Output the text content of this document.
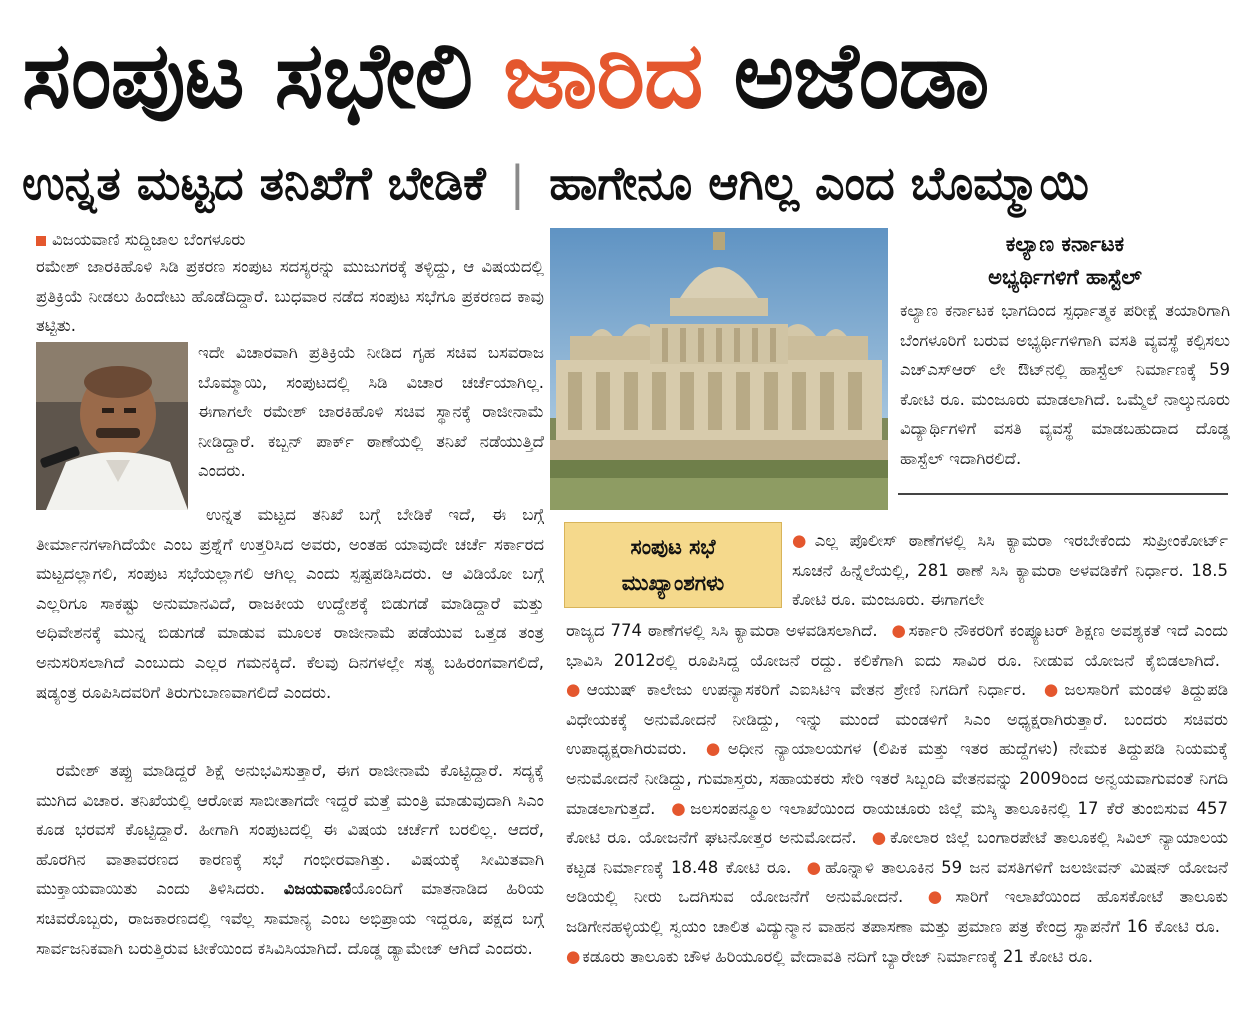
ಸಂಪುಟ ಸಭೇಲಿ ಜಾರಿದ ಅಜೆಂಡಾ
ಉನ್ನತ ಮಟ್ಟದ ತನಿಖೆಗೆ ಬೇಡಿಕೆ | ಹಾಗೇನೂ ಆಗಿಲ್ಲ ಎಂದ ಬೊಮ್ಮಾಯಿ
ವಿಜಯವಾಣಿ ಸುದ್ದಿಜಾಲ ಬೆಂಗಳೂರು
ರಮೇಶ್ ಜಾರಕಿಹೊಳಿ ಸಿಡಿ ಪ್ರಕರಣ ಸಂಪುಟ ಸದಸ್ಯರನ್ನು ಮುಜುಗರಕ್ಕೆ ತಳ್ಳಿದ್ದು, ಆ ವಿಷಯದಲ್ಲಿ ಪ್ರತಿಕ್ರಿಯೆ ನೀಡಲು ಹಿಂದೇಟು ಹೊಡೆದಿದ್ದಾರೆ. ಬುಧವಾರ ನಡೆದ ಸಂಪುಟ ಸಭೆಗೂ ಪ್ರಕರಣದ ಕಾವು ತಟ್ಟಿತು.
ಇದೇ ವಿಚಾರವಾಗಿ ಪ್ರತಿಕ್ರಿಯೆ ನೀಡಿದ ಗೃಹ ಸಚಿವ ಬಸವರಾಜ ಬೊಮ್ಮಾಯಿ, ಸಂಪುಟದಲ್ಲಿ ಸಿಡಿ ವಿಚಾರ ಚರ್ಚೆಯಾಗಿಲ್ಲ. ಈಗಾಗಲೇ ರಮೇಶ್ ಜಾರಕಿಹೊಳಿ ಸಚಿವ ಸ್ಥಾನಕ್ಕೆ ರಾಜೀನಾಮೆ ನೀಡಿದ್ದಾರೆ. ಕಬ್ಬನ್ ಪಾರ್ಕ್ ಠಾಣೆಯಲ್ಲಿ ತನಿಖೆ ನಡೆಯುತ್ತಿದೆ ಎಂದರು.
ಉನ್ನತ ಮಟ್ಟದ ತನಿಖೆ ಬಗ್ಗೆ ಬೇಡಿಕೆ ಇದೆ, ಈ ಬಗ್ಗೆ ತೀರ್ಮಾನಗಳಾಗಿದೆಯೇ ಎಂಬ ಪ್ರಶ್ನೆಗೆ ಉತ್ತರಿಸಿದ ಅವರು, ಅಂತಹ ಯಾವುದೇ ಚರ್ಚೆ ಸರ್ಕಾರದ ಮಟ್ಟದಲ್ಲಾಗಲಿ, ಸಂಪುಟ ಸಭೆಯಲ್ಲಾಗಲಿ ಆಗಿಲ್ಲ ಎಂದು ಸ್ಪಷ್ಟಪಡಿಸಿದರು. ಆ ವಿಡಿಯೋ ಬಗ್ಗೆ ಎಲ್ಲರಿಗೂ ಸಾಕಷ್ಟು ಅನುಮಾನವಿದೆ, ರಾಜಕೀಯ ಉದ್ದೇಶಕ್ಕೆ ಬಿಡುಗಡೆ ಮಾಡಿದ್ದಾರೆ ಮತ್ತು ಅಧಿವೇಶನಕ್ಕೆ ಮುನ್ನ ಬಿಡುಗಡೆ ಮಾಡುವ ಮೂಲಕ ರಾಜೀನಾಮೆ ಪಡೆಯುವ ಒತ್ತಡ ತಂತ್ರ ಅನುಸರಿಸಲಾಗಿದೆ ಎಂಬುದು ಎಲ್ಲರ ಗಮನಕ್ಕಿದೆ. ಕೆಲವು ದಿನಗಳಲ್ಲೇ ಸತ್ಯ ಬಹಿರಂಗವಾಗಲಿದೆ, ಷಡ್ಯಂತ್ರ ರೂಪಿಸಿದವರಿಗೆ ತಿರುಗುಬಾಣವಾಗಲಿದೆ ಎಂದರು.
ರಮೇಶ್ ತಪ್ಪು ಮಾಡಿದ್ದರೆ ಶಿಕ್ಷೆ ಅನುಭವಿಸುತ್ತಾರೆ, ಈಗ ರಾಜೀನಾಮೆ ಕೊಟ್ಟಿದ್ದಾರೆ. ಸದ್ಯಕ್ಕೆ ಮುಗಿದ ವಿಚಾರ. ತನಿಖೆಯಲ್ಲಿ ಆರೋಪ ಸಾಬೀತಾಗದೇ ಇದ್ದರೆ ಮತ್ತೆ ಮಂತ್ರಿ ಮಾಡುವುದಾಗಿ ಸಿಎಂ ಕೂಡ ಭರವಸೆ ಕೊಟ್ಟಿದ್ದಾರೆ. ಹೀಗಾಗಿ ಸಂಪುಟದಲ್ಲಿ ಈ ವಿಷಯ ಚರ್ಚೆಗೆ ಬರಲಿಲ್ಲ. ಆದರೆ, ಹೊರಗಿನ ವಾತಾವರಣದ ಕಾರಣಕ್ಕೆ ಸಭೆ ಗಂಭೀರವಾಗಿತ್ತು. ವಿಷಯಕ್ಕೆ ಸೀಮಿತವಾಗಿ ಮುಕ್ತಾಯವಾಯಿತು ಎಂದು ತಿಳಿಸಿದರು. ವಿಜಯವಾಣಿಯೊಂದಿಗೆ ಮಾತನಾಡಿದ ಹಿರಿಯ ಸಚಿವರೊಬ್ಬರು, ರಾಜಕಾರಣದಲ್ಲಿ ಇವೆಲ್ಲ ಸಾಮಾನ್ಯ ಎಂಬ ಅಭಿಪ್ರಾಯ ಇದ್ದರೂ, ಪಕ್ಷದ ಬಗ್ಗೆ ಸಾರ್ವಜನಿಕವಾಗಿ ಬರುತ್ತಿರುವ ಟೀಕೆಯಿಂದ ಕಸಿವಿಸಿಯಾಗಿದೆ. ದೊಡ್ಡ ಡ್ಯಾಮೇಜ್ ಆಗಿದೆ ಎಂದರು.
ಕಲ್ಯಾಣ ಕರ್ನಾಟಕ
ಅಭ್ಯರ್ಥಿಗಳಿಗೆ ಹಾಸ್ಟೆಲ್
ಕಲ್ಯಾಣ ಕರ್ನಾಟಕ ಭಾಗದಿಂದ ಸ್ಪರ್ಧಾತ್ಮಕ ಪರೀಕ್ಷೆ ತಯಾರಿಗಾಗಿ ಬೆಂಗಳೂರಿಗೆ ಬರುವ ಅಭ್ಯರ್ಥಿಗಳಿಗಾಗಿ ವಸತಿ ವ್ಯವಸ್ಥೆ ಕಲ್ಪಿಸಲು ಎಚ್ಎಸ್ಆರ್ ಲೇ ಔಟ್‌ನಲ್ಲಿ ಹಾಸ್ಟೆಲ್ ನಿರ್ಮಾಣಕ್ಕೆ 59 ಕೋಟಿ ರೂ. ಮಂಜೂರು ಮಾಡಲಾಗಿದೆ. ಒಮ್ಮೆಲೆ ನಾಲ್ಕುನೂರು ವಿದ್ಯಾರ್ಥಿಗಳಿಗೆ ವಸತಿ ವ್ಯವಸ್ಥೆ ಮಾಡಬಹುದಾದ ದೊಡ್ಡ ಹಾಸ್ಟೆಲ್ ಇದಾಗಿರಲಿದೆ.
ಸಂಪುಟ ಸಭೆ
ಮುಖ್ಯಾಂಶಗಳು
● ಎಲ್ಲ ಪೊಲೀಸ್ ಠಾಣೆಗಳಲ್ಲಿ ಸಿಸಿ ಕ್ಯಾಮರಾ ಇರಬೇಕೆಂದು ಸುಪ್ರೀಂಕೋರ್ಟ್ ಸೂಚನೆ ಹಿನ್ನೆಲೆಯಲ್ಲಿ, 281 ಠಾಣೆ ಸಿಸಿ ಕ್ಯಾಮರಾ ಅಳವಡಿಕೆಗೆ ನಿರ್ಧಾರ. 18.5 ಕೋಟಿ ರೂ. ಮಂಜೂರು. ಈಗಾಗಲೇ
ರಾಜ್ಯದ 774 ಠಾಣೆಗಳಲ್ಲಿ ಸಿಸಿ ಕ್ಯಾಮರಾ ಅಳವಡಿಸಲಾಗಿದೆ. ● ಸರ್ಕಾರಿ ನೌಕರರಿಗೆ ಕಂಪ್ಯೂಟರ್ ಶಿಕ್ಷಣ ಅವಶ್ಯಕತೆ ಇದೆ ಎಂದು ಭಾವಿಸಿ 2012ರಲ್ಲಿ ರೂಪಿಸಿದ್ದ ಯೋಜನೆ ರದ್ದು. ಕಲಿಕೆಗಾಗಿ ಐದು ಸಾವಿರ ರೂ. ನೀಡುವ ಯೋಜನೆ ಕೈಬಿಡಲಾಗಿದೆ. ● ಆಯುಷ್ ಕಾಲೇಜು ಉಪನ್ಯಾಸಕರಿಗೆ ಎಐಸಿಟಿಇ ವೇತನ ಶ್ರೇಣಿ ನಿಗದಿಗೆ ನಿರ್ಧಾರ. ● ಜಲಸಾರಿಗೆ ಮಂಡಳಿ ತಿದ್ದುಪಡಿ ವಿಧೇಯಕಕ್ಕೆ ಅನುಮೋದನೆ ನೀಡಿದ್ದು, ಇನ್ನು ಮುಂದೆ ಮಂಡಳಿಗೆ ಸಿಎಂ ಅಧ್ಯಕ್ಷರಾಗಿರುತ್ತಾರೆ. ಬಂದರು ಸಚಿವರು ಉಪಾಧ್ಯಕ್ಷರಾಗಿರುವರು. ● ಅಧೀನ ನ್ಯಾಯಾಲಯಗಳ (ಲಿಪಿಕ ಮತ್ತು ಇತರ ಹುದ್ದೆಗಳು) ನೇಮಕ ತಿದ್ದುಪಡಿ ನಿಯಮಕ್ಕೆ ಅನುಮೋದನೆ ನೀಡಿದ್ದು, ಗುಮಾಸ್ತರು, ಸಹಾಯಕರು ಸೇರಿ ಇತರೆ ಸಿಬ್ಬಂದಿ ವೇತನವನ್ನು 2009ರಿಂದ ಅನ್ವಯವಾಗುವಂತೆ ನಿಗದಿ ಮಾಡಲಾಗುತ್ತದೆ. ● ಜಲಸಂಪನ್ಮೂಲ ಇಲಾಖೆಯಿಂದ ರಾಯಚೂರು ಜಿಲ್ಲೆ ಮಸ್ಕಿ ತಾಲೂಕಿನಲ್ಲಿ 17 ಕೆರೆ ತುಂಬಿಸುವ 457 ಕೋಟಿ ರೂ. ಯೋಜನೆಗೆ ಘಟನೋತ್ತರ ಅನುಮೋದನೆ. ● ಕೋಲಾರ ಜಿಲ್ಲೆ ಬಂಗಾರಪೇಟೆ ತಾಲೂಕಲ್ಲಿ ಸಿವಿಲ್ ನ್ಯಾಯಾಲಯ ಕಟ್ಟಡ ನಿರ್ಮಾಣಕ್ಕೆ 18.48 ಕೋಟಿ ರೂ. ● ಹೊನ್ನಾಳಿ ತಾಲೂಕಿನ 59 ಜನ ವಸತಿಗಳಿಗೆ ಜಲಜೀವನ್ ಮಿಷನ್ ಯೋಜನೆ ಅಡಿಯಲ್ಲಿ ನೀರು ಒದಗಿಸುವ ಯೋಜನೆಗೆ ಅನುಮೋದನೆ. ● ಸಾರಿಗೆ ಇಲಾಖೆಯಿಂದ ಹೊಸಕೋಟೆ ತಾಲೂಕು ಜಡಿಗೇನಹಳ್ಳಿಯಲ್ಲಿ ಸ್ವಯಂ ಚಾಲಿತ ವಿದ್ಯುನ್ಮಾನ ವಾಹನ ತಪಾಸಣಾ ಮತ್ತು ಪ್ರಮಾಣ ಪತ್ರ ಕೇಂದ್ರ ಸ್ಥಾಪನೆಗೆ 16 ಕೋಟಿ ರೂ. ● ಕಡೂರು ತಾಲೂಕು ಚೌಳ ಹಿರಿಯೂರಲ್ಲಿ ವೇದಾವತಿ ನದಿಗೆ ಬ್ಯಾರೇಜ್ ನಿರ್ಮಾಣಕ್ಕೆ 21 ಕೋಟಿ ರೂ.
